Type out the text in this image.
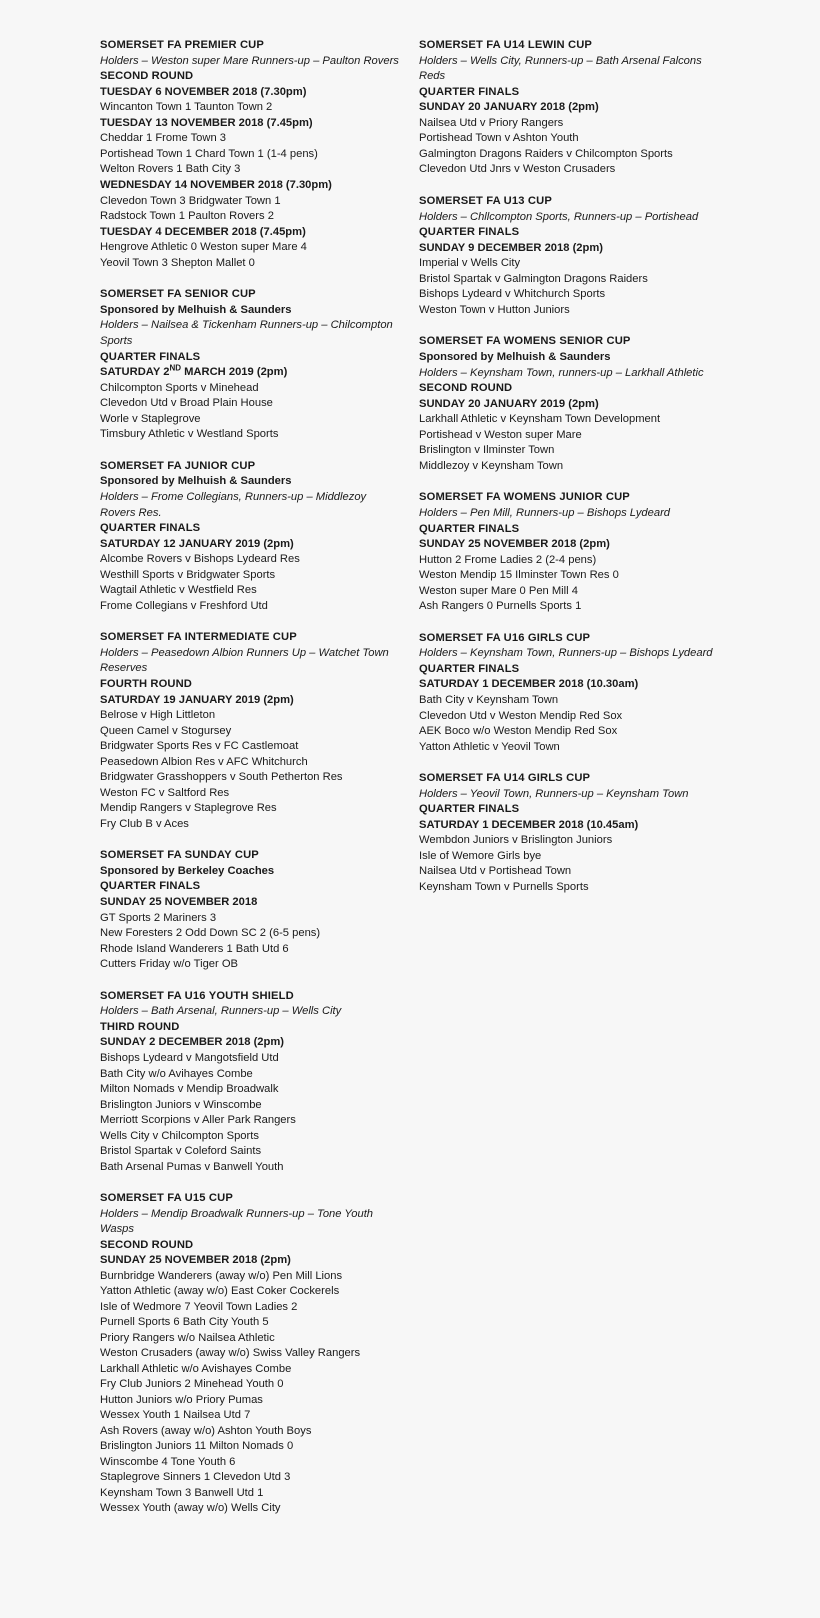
SOMERSET FA PREMIER CUP
Holders – Weston super Mare Runners-up – Paulton Rovers
SECOND ROUND
TUESDAY 6 NOVEMBER 2018 (7.30pm)
Wincanton Town 1 Taunton Town 2
TUESDAY 13 NOVEMBER 2018 (7.45pm)
Cheddar 1 Frome Town 3
Portishead Town 1 Chard Town 1 (1-4 pens)
Welton Rovers 1 Bath City 3
WEDNESDAY 14 NOVEMBER 2018 (7.30pm)
Clevedon Town 3 Bridgwater Town 1
Radstock Town 1 Paulton Rovers 2
TUESDAY 4 DECEMBER 2018 (7.45pm)
Hengrove Athletic 0 Weston super Mare 4
Yeovil Town 3 Shepton Mallet 0
SOMERSET FA SENIOR CUP
Sponsored by Melhuish & Saunders
Holders – Nailsea & Tickenham Runners-up – Chilcompton Sports
QUARTER FINALS
SATURDAY 2ND MARCH 2019 (2pm)
Chilcompton Sports v Minehead
Clevedon Utd v Broad Plain House
Worle v Staplegrove
Timsbury Athletic v Westland Sports
SOMERSET FA JUNIOR CUP
Sponsored by Melhuish & Saunders
Holders – Frome Collegians, Runners-up – Middlezoy Rovers Res.
QUARTER FINALS
SATURDAY 12 JANUARY 2019 (2pm)
Alcombe Rovers v Bishops Lydeard Res
Westhill Sports v Bridgwater Sports
Wagtail Athletic v Westfield Res
Frome Collegians v Freshford Utd
SOMERSET FA INTERMEDIATE CUP
Holders – Peasedown Albion Runners Up – Watchet Town Reserves
FOURTH ROUND
SATURDAY 19 JANUARY 2019 (2pm)
Belrose v High Littleton
Queen Camel v Stogursey
Bridgwater Sports Res v FC Castlemoat
Peasedown Albion Res v AFC Whitchurch
Bridgwater Grasshoppers v South Petherton Res
Weston FC v Saltford Res
Mendip Rangers v Staplegrove Res
Fry Club B v Aces
SOMERSET FA SUNDAY CUP
Sponsored by Berkeley Coaches
QUARTER FINALS
SUNDAY 25 NOVEMBER 2018
GT Sports 2 Mariners 3
New Foresters 2 Odd Down SC 2 (6-5 pens)
Rhode Island Wanderers 1 Bath Utd 6
Cutters Friday w/o Tiger OB
SOMERSET FA U16 YOUTH SHIELD
Holders – Bath Arsenal, Runners-up – Wells City
THIRD ROUND
SUNDAY 2 DECEMBER 2018 (2pm)
Bishops Lydeard v Mangotsfield Utd
Bath City w/o Avihayes Combe
Milton Nomads v Mendip Broadwalk
Brislington Juniors v Winscombe
Merriott Scorpions v Aller Park Rangers
Wells City v Chilcompton Sports
Bristol Spartak v Coleford Saints
Bath Arsenal Pumas v Banwell Youth
SOMERSET FA U15 CUP
Holders – Mendip Broadwalk Runners-up – Tone Youth Wasps
SECOND ROUND
SUNDAY 25 NOVEMBER 2018 (2pm)
Burnbridge Wanderers (away w/o) Pen Mill Lions
Yatton Athletic (away w/o) East Coker Cockerels
Isle of Wedmore 7 Yeovil Town Ladies 2
Purnell Sports 6 Bath City Youth 5
Priory Rangers w/o Nailsea Athletic
Weston Crusaders (away w/o) Swiss Valley Rangers
Larkhall Athletic w/o Avishayes Combe
Fry Club Juniors 2 Minehead Youth 0
Hutton Juniors w/o Priory Pumas
Wessex Youth 1 Nailsea Utd 7
Ash Rovers (away w/o) Ashton Youth Boys
Brislington Juniors 11 Milton Nomads 0
Winscombe 4 Tone Youth 6
Staplegrove Sinners 1 Clevedon Utd 3
Keynsham Town 3 Banwell Utd 1
Wessex Youth (away w/o) Wells City
SOMERSET FA U14 LEWIN CUP
Holders – Wells City, Runners-up – Bath Arsenal Falcons Reds
QUARTER FINALS
SUNDAY 20 JANUARY 2018 (2pm)
Nailsea Utd v Priory Rangers
Portishead Town v Ashton Youth
Galmington Dragons Raiders v Chilcompton Sports
Clevedon Utd Jnrs v Weston Crusaders
SOMERSET FA U13 CUP
Holders – Chllcompton Sports, Runners-up – Portishead
QUARTER FINALS
SUNDAY 9 DECEMBER 2018 (2pm)
Imperial v Wells City
Bristol Spartak v Galmington Dragons Raiders
Bishops Lydeard v Whitchurch Sports
Weston Town v Hutton Juniors
SOMERSET FA WOMENS SENIOR CUP
Sponsored by Melhuish & Saunders
Holders – Keynsham Town, runners-up – Larkhall Athletic
SECOND ROUND
SUNDAY 20 JANUARY 2019 (2pm)
Larkhall Athletic v Keynsham Town Development
Portishead v Weston super Mare
Brislington v Ilminster Town
Middlezoy v Keynsham Town
SOMERSET FA WOMENS JUNIOR CUP
Holders – Pen Mill, Runners-up – Bishops Lydeard
QUARTER FINALS
SUNDAY 25 NOVEMBER 2018 (2pm)
Hutton 2 Frome Ladies 2 (2-4 pens)
Weston Mendip 15 Ilminster Town Res 0
Weston super Mare 0 Pen Mill 4
Ash Rangers 0 Purnells Sports 1
SOMERSET FA U16 GIRLS CUP
Holders – Keynsham Town, Runners-up – Bishops Lydeard
QUARTER FINALS
SATURDAY 1 DECEMBER 2018 (10.30am)
Bath City v Keynsham Town
Clevedon Utd v Weston Mendip Red Sox
AEK Boco w/o Weston Mendip Red Sox
Yatton Athletic v Yeovil Town
SOMERSET FA U14 GIRLS CUP
Holders – Yeovil Town, Runners-up – Keynsham Town
QUARTER FINALS
SATURDAY 1 DECEMBER 2018 (10.45am)
Wembdon Juniors v Brislington Juniors
Isle of Wemore Girls bye
Nailsea Utd v Portishead Town
Keynsham Town v Purnells Sports
